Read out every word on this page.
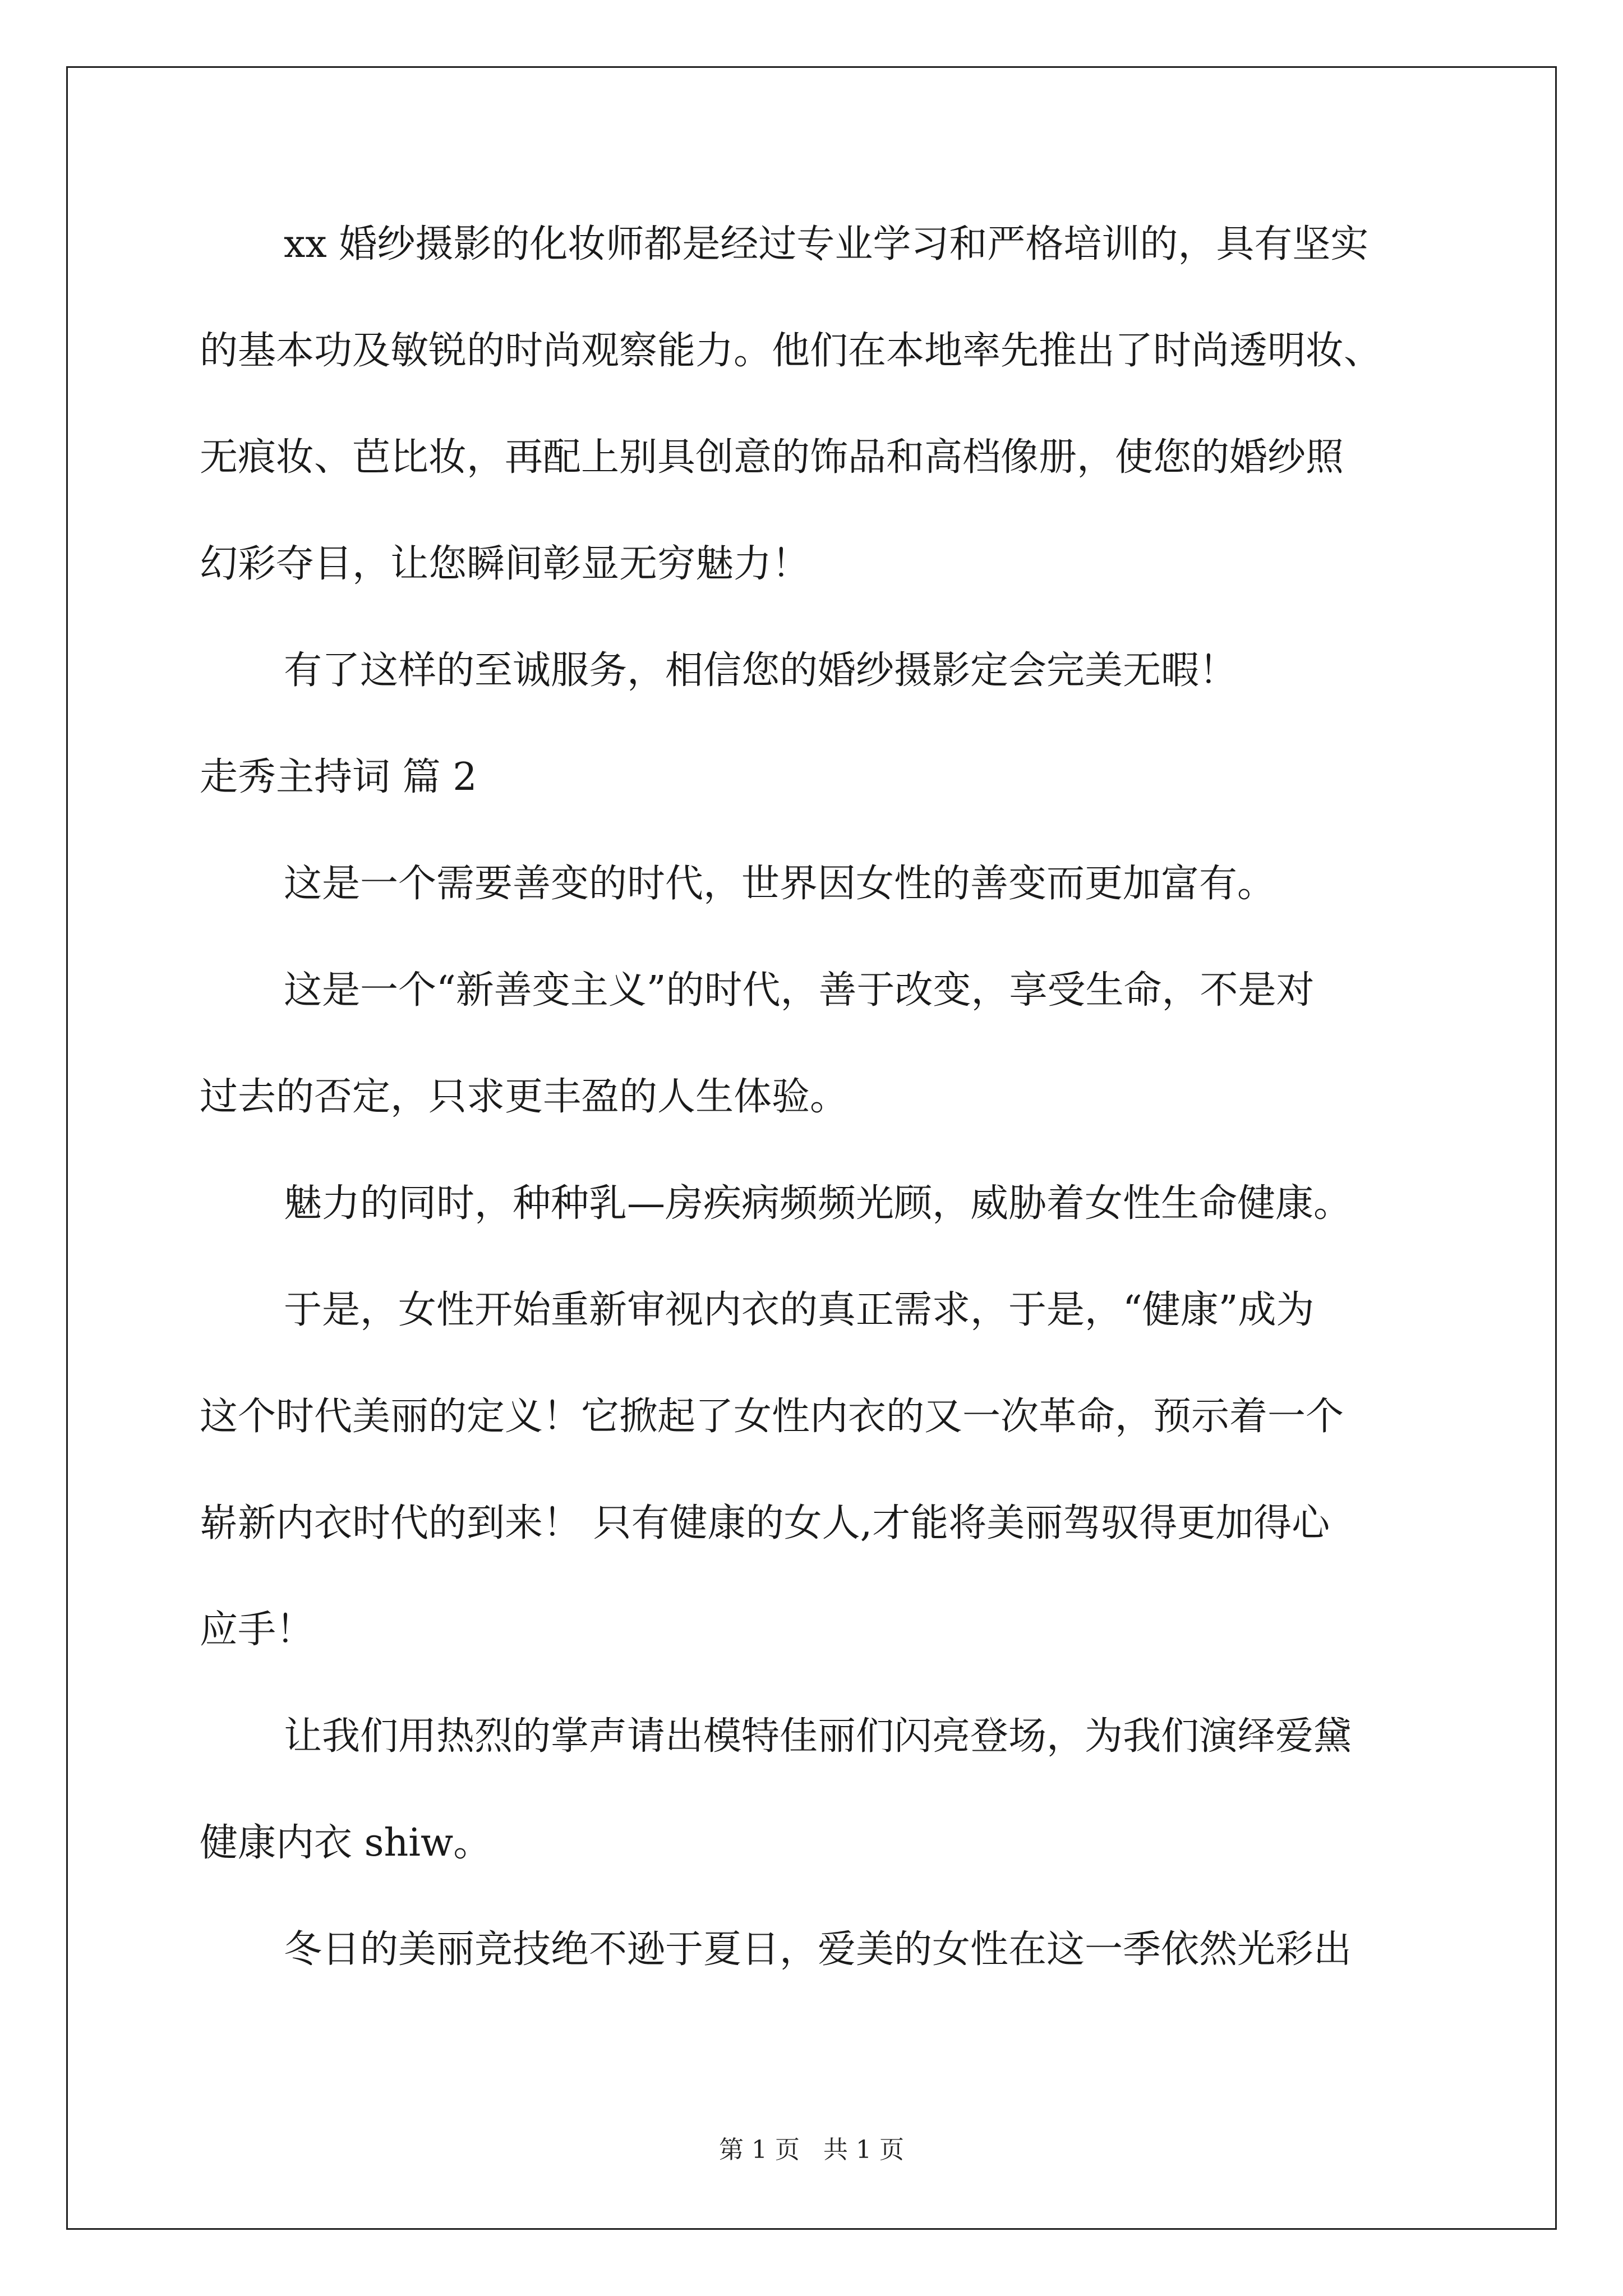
xx 婚纱摄影的化妆师都是经过专业学习和严格培训的，具有坚实
的基本功及敏锐的时尚观察能力。他们在本地率先推出了时尚透明妆、
无痕妆、芭比妆，再配上别具创意的饰品和高档像册，使您的婚纱照
幻彩夺目，让您瞬间彰显无穷魅力！
有了这样的至诚服务，相信您的婚纱摄影定会完美无暇！
走秀主持词 篇 2
这是一个需要善变的时代，世界因女性的善变而更加富有。
这是一个“新善变主义”的时代，善于改变，享受生命，不是对
过去的否定，只求更丰盈的人生体验。
魅力的同时，种种乳—房疾病频频光顾，威胁着女性生命健康。
于是，女性开始重新审视内衣的真正需求，于是，“健康”成为
这个时代美丽的定义！它掀起了女性内衣的又一次革命，预示着一个
崭新内衣时代的到来！ 只有健康的女人,才能将美丽驾驭得更加得心
应手！
让我们用热烈的掌声请出模特佳丽们闪亮登场，为我们演绎爱黛
健康内衣 shiw。
冬日的美丽竞技绝不逊于夏日，爱美的女性在这一季依然光彩出
第 1 页   共 1 页
